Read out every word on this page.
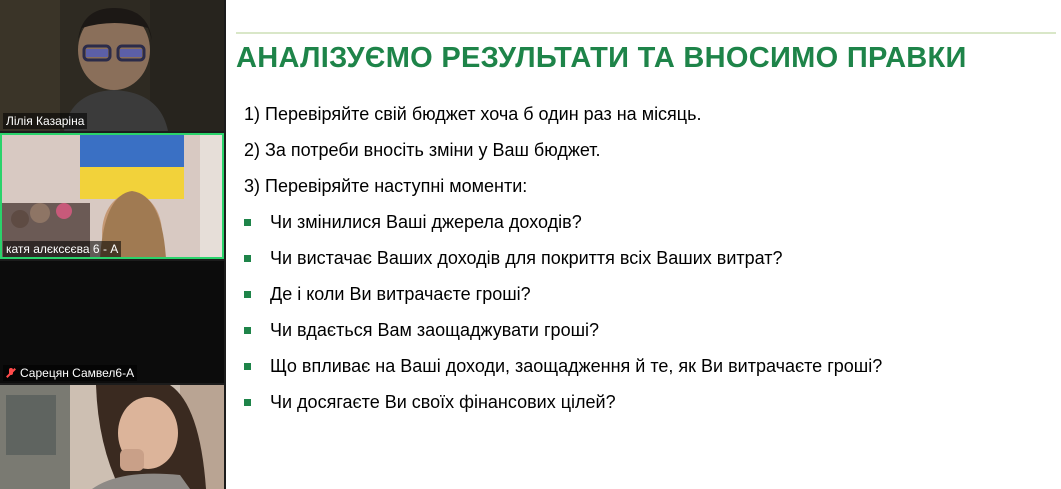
Лілія Казаріна
катя алєксєєва 6 - А
Сарецян Самвел6-А
АНАЛІЗУЄМО РЕЗУЛЬТАТИ ТА ВНОСИМО ПРАВКИ
1) Перевіряйте свій бюджет хоча б один раз на місяць.
2) За потреби вносіть зміни у Ваш бюджет.
3) Перевіряйте наступні моменти:
Чи змінилися Ваші джерела доходів?
Чи вистачає Ваших доходів для покриття всіх Ваших витрат?
Де і коли Ви витрачаєте гроші?
Чи вдається Вам заощаджувати гроші?
Що впливає на Ваші доходи, заощадження й те, як Ви витрачаєте гроші?
Чи досягаєте Ви своїх фінансових цілей?
